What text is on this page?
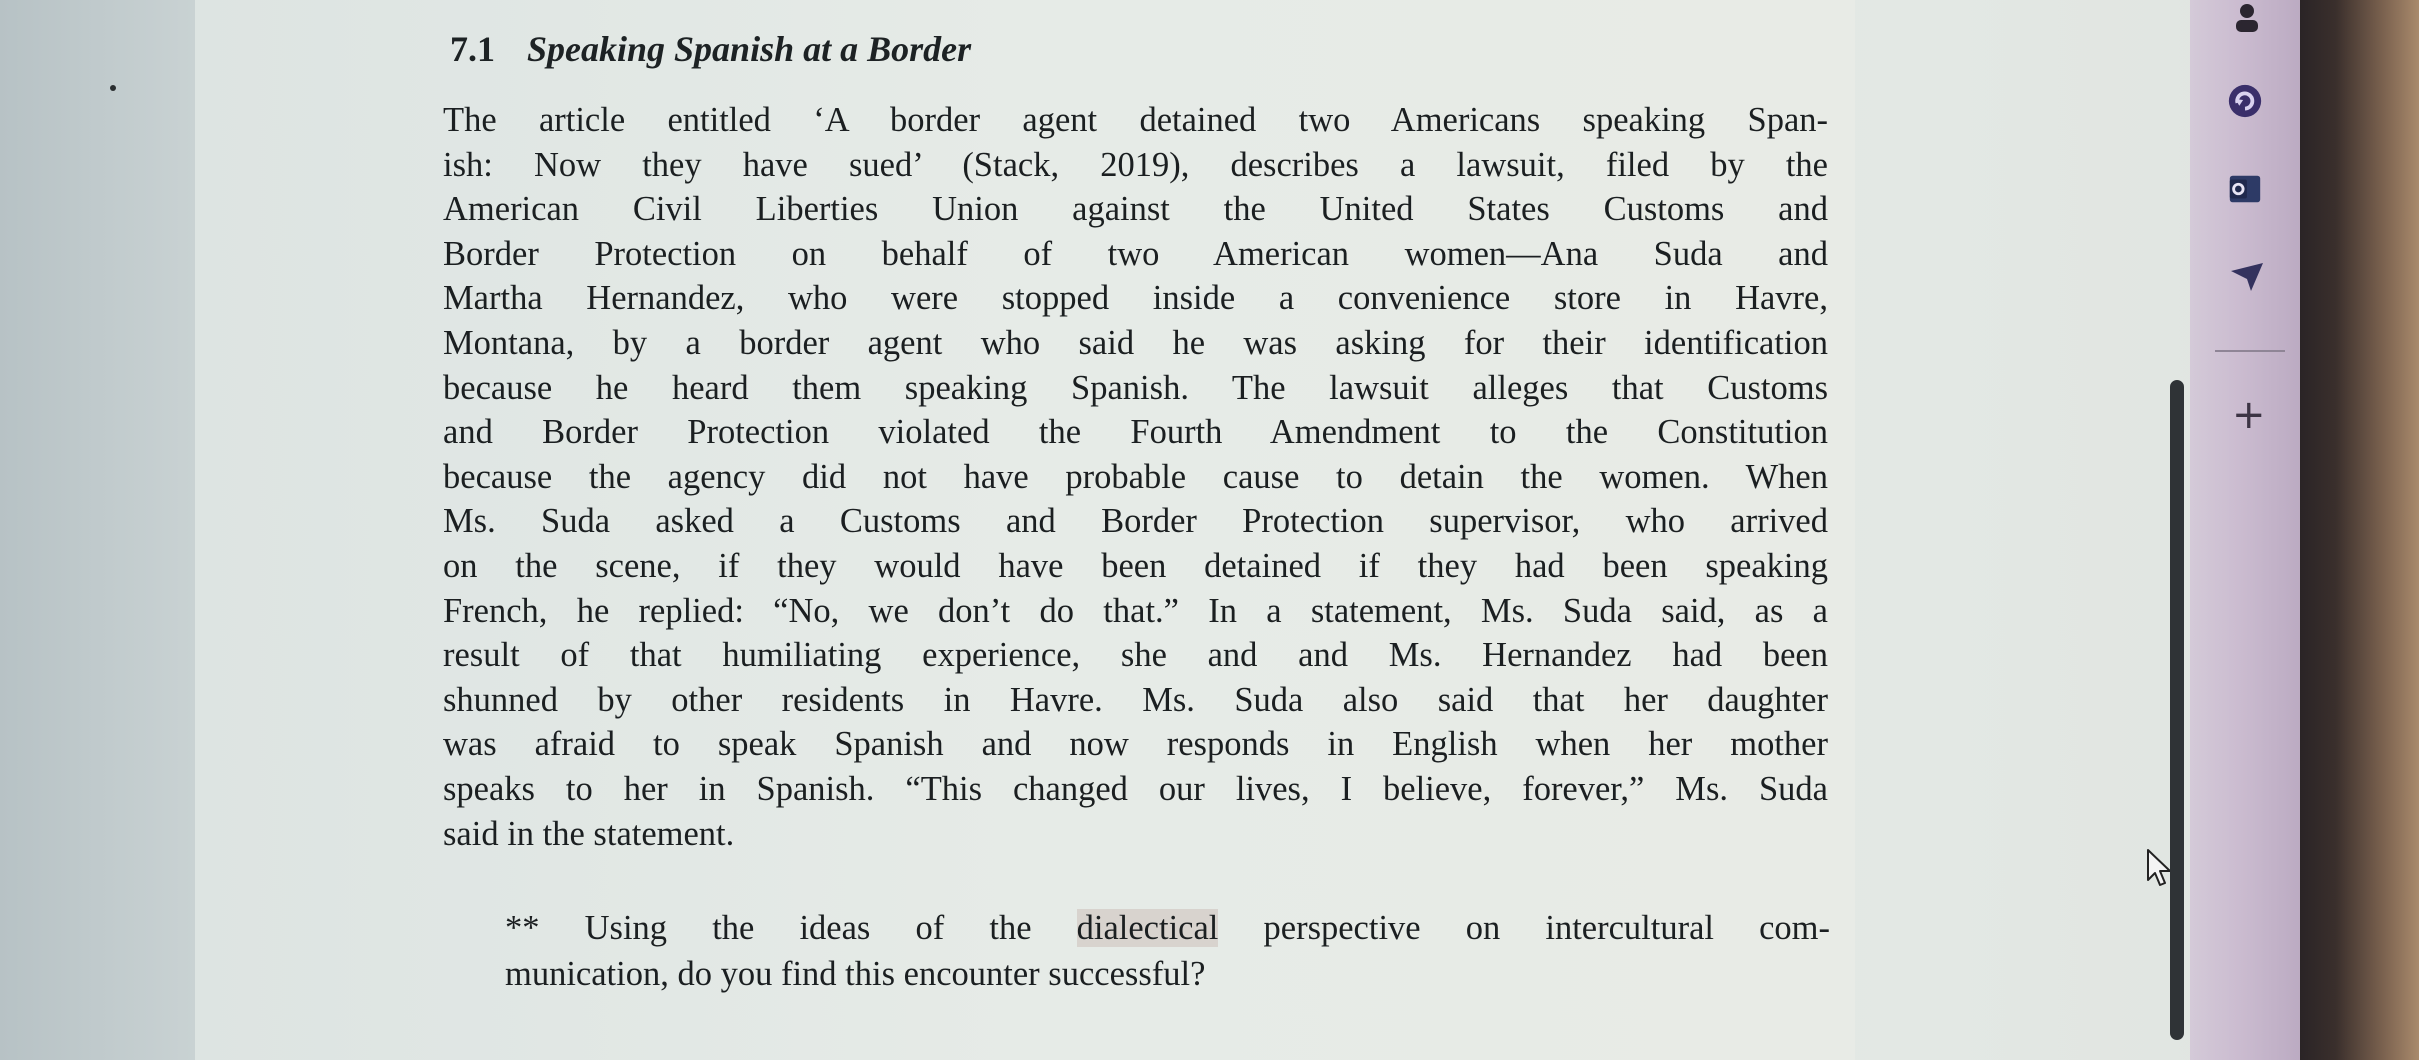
7.1 Speaking Spanish at a Border
The article entitled ‘A border agent detained two Americans speaking Span-
ish: Now they have sued’ (Stack, 2019), describes a lawsuit, filed by the
American Civil Liberties Union against the United States Customs and
Border Protection on behalf of two American women—Ana Suda and
Martha Hernandez, who were stopped inside a convenience store in Havre,
Montana, by a border agent who said he was asking for their identification
because he heard them speaking Spanish. The lawsuit alleges that Customs
and Border Protection violated the Fourth Amendment to the Constitution
because the agency did not have probable cause to detain the women. When
Ms. Suda asked a Customs and Border Protection supervisor, who arrived
on the scene, if they would have been detained if they had been speaking
French, he replied: “No, we don’t do that.” In a statement, Ms. Suda said, as a
result of that humiliating experience, she and and Ms. Hernandez had been
shunned by other residents in Havre. Ms. Suda also said that her daughter
was afraid to speak Spanish and now responds in English when her mother
speaks to her in Spanish. “This changed our lives, I believe, forever,” Ms. Suda
said in the statement.
** Using the ideas of the dialectical perspective on intercultural com-
munication, do you find this encounter successful?
+
